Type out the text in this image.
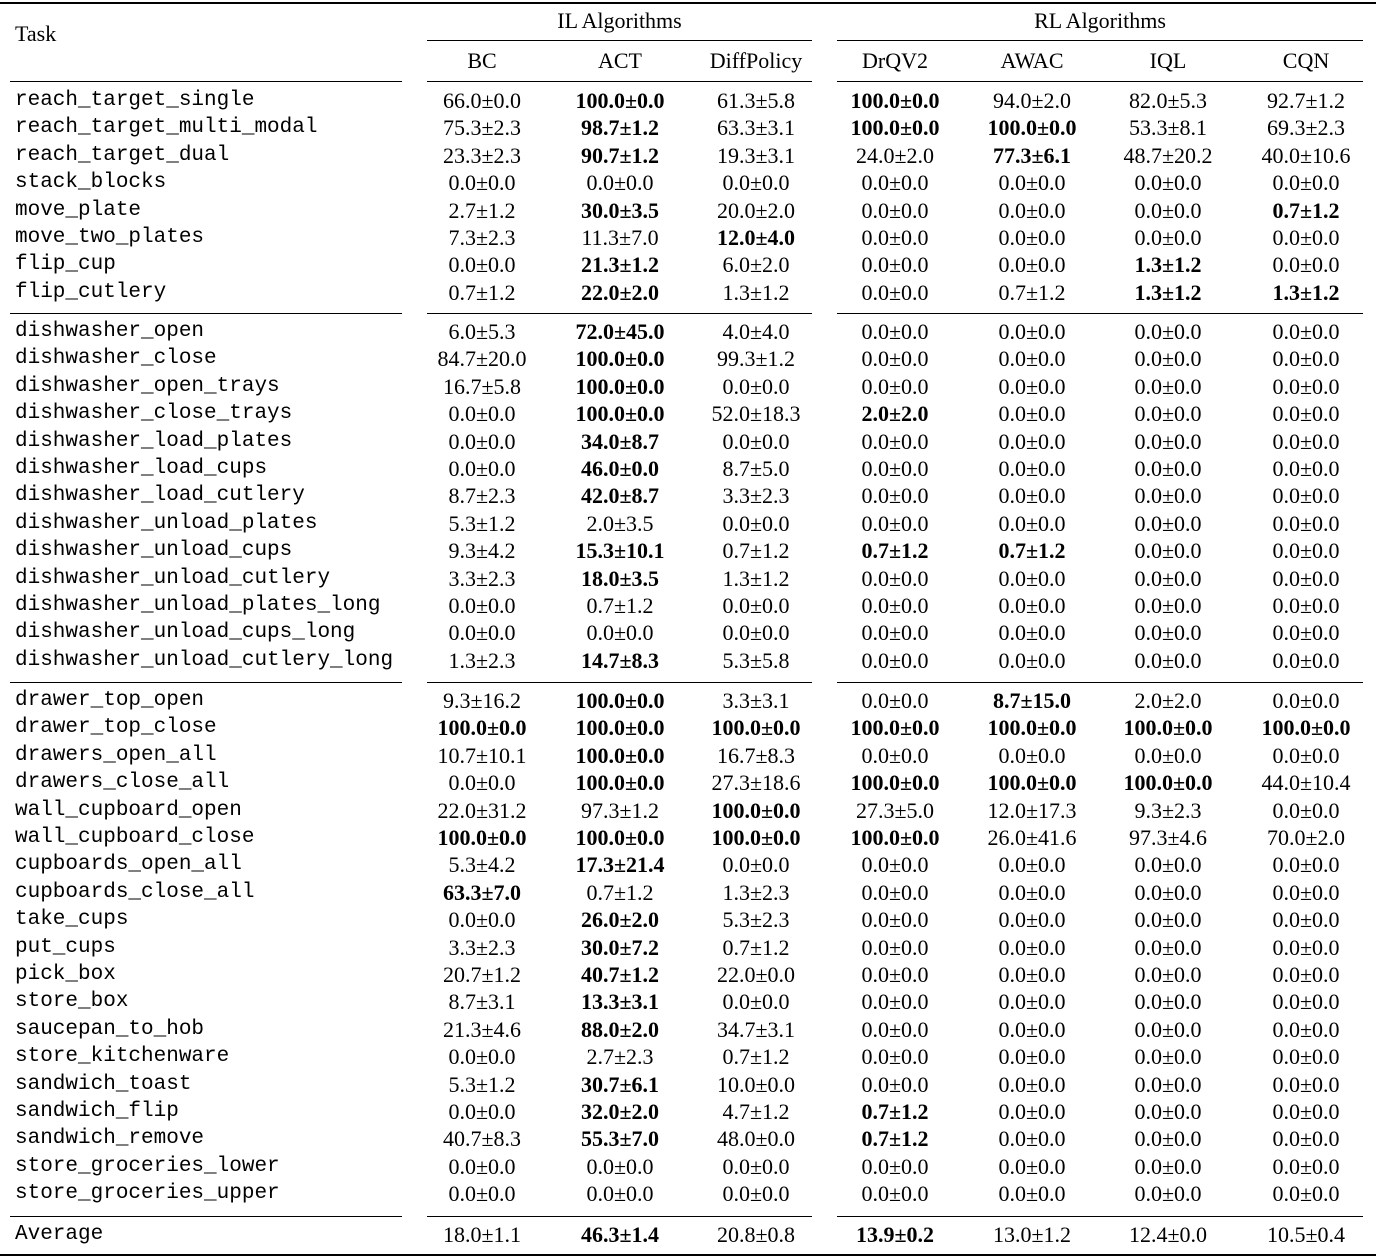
Task
IL Algorithms	RL Algorithms
BC	ACT	DiffPolicy	DrQV2	AWAC	IQL	CQN
reach_target_single	66.0±0.0	100.0±0.0	61.3±5.8	100.0±0.0	94.0±2.0	82.0±5.3	92.7±1.2
reach_target_multi_modal	75.3±2.3	98.7±1.2	63.3±3.1	100.0±0.0	100.0±0.0	53.3±8.1	69.3±2.3
reach_target_dual	23.3±2.3	90.7±1.2	19.3±3.1	24.0±2.0	77.3±6.1	48.7±20.2	40.0±10.6
stack_blocks	0.0±0.0	0.0±0.0	0.0±0.0	0.0±0.0	0.0±0.0	0.0±0.0	0.0±0.0
move_plate	2.7±1.2	30.0±3.5	20.0±2.0	0.0±0.0	0.0±0.0	0.0±0.0	0.7±1.2
move_two_plates	7.3±2.3	11.3±7.0	12.0±4.0	0.0±0.0	0.0±0.0	0.0±0.0	0.0±0.0
flip_cup	0.0±0.0	21.3±1.2	6.0±2.0	0.0±0.0	0.0±0.0	1.3±1.2	0.0±0.0
flip_cutlery	0.7±1.2	22.0±2.0	1.3±1.2	0.0±0.0	0.7±1.2	1.3±1.2	1.3±1.2
dishwasher_open	6.0±5.3	72.0±45.0	4.0±4.0	0.0±0.0	0.0±0.0	0.0±0.0	0.0±0.0
dishwasher_close	84.7±20.0	100.0±0.0	99.3±1.2	0.0±0.0	0.0±0.0	0.0±0.0	0.0±0.0
dishwasher_open_trays	16.7±5.8	100.0±0.0	0.0±0.0	0.0±0.0	0.0±0.0	0.0±0.0	0.0±0.0
dishwasher_close_trays	0.0±0.0	100.0±0.0	52.0±18.3	2.0±2.0	0.0±0.0	0.0±0.0	0.0±0.0
dishwasher_load_plates	0.0±0.0	34.0±8.7	0.0±0.0	0.0±0.0	0.0±0.0	0.0±0.0	0.0±0.0
dishwasher_load_cups	0.0±0.0	46.0±0.0	8.7±5.0	0.0±0.0	0.0±0.0	0.0±0.0	0.0±0.0
dishwasher_load_cutlery	8.7±2.3	42.0±8.7	3.3±2.3	0.0±0.0	0.0±0.0	0.0±0.0	0.0±0.0
dishwasher_unload_plates	5.3±1.2	2.0±3.5	0.0±0.0	0.0±0.0	0.0±0.0	0.0±0.0	0.0±0.0
dishwasher_unload_cups	9.3±4.2	15.3±10.1	0.7±1.2	0.7±1.2	0.7±1.2	0.0±0.0	0.0±0.0
dishwasher_unload_cutlery	3.3±2.3	18.0±3.5	1.3±1.2	0.0±0.0	0.0±0.0	0.0±0.0	0.0±0.0
dishwasher_unload_plates_long	0.0±0.0	0.7±1.2	0.0±0.0	0.0±0.0	0.0±0.0	0.0±0.0	0.0±0.0
dishwasher_unload_cups_long	0.0±0.0	0.0±0.0	0.0±0.0	0.0±0.0	0.0±0.0	0.0±0.0	0.0±0.0
dishwasher_unload_cutlery_long	1.3±2.3	14.7±8.3	5.3±5.8	0.0±0.0	0.0±0.0	0.0±0.0	0.0±0.0
drawer_top_open	9.3±16.2	100.0±0.0	3.3±3.1	0.0±0.0	8.7±15.0	2.0±2.0	0.0±0.0
drawer_top_close	100.0±0.0	100.0±0.0	100.0±0.0	100.0±0.0	100.0±0.0	100.0±0.0	100.0±0.0
drawers_open_all	10.7±10.1	100.0±0.0	16.7±8.3	0.0±0.0	0.0±0.0	0.0±0.0	0.0±0.0
drawers_close_all	0.0±0.0	100.0±0.0	27.3±18.6	100.0±0.0	100.0±0.0	100.0±0.0	44.0±10.4
wall_cupboard_open	22.0±31.2	97.3±1.2	100.0±0.0	27.3±5.0	12.0±17.3	9.3±2.3	0.0±0.0
wall_cupboard_close	100.0±0.0	100.0±0.0	100.0±0.0	100.0±0.0	26.0±41.6	97.3±4.6	70.0±2.0
cupboards_open_all	5.3±4.2	17.3±21.4	0.0±0.0	0.0±0.0	0.0±0.0	0.0±0.0	0.0±0.0
cupboards_close_all	63.3±7.0	0.7±1.2	1.3±2.3	0.0±0.0	0.0±0.0	0.0±0.0	0.0±0.0
take_cups	0.0±0.0	26.0±2.0	5.3±2.3	0.0±0.0	0.0±0.0	0.0±0.0	0.0±0.0
put_cups	3.3±2.3	30.0±7.2	0.7±1.2	0.0±0.0	0.0±0.0	0.0±0.0	0.0±0.0
pick_box	20.7±1.2	40.7±1.2	22.0±0.0	0.0±0.0	0.0±0.0	0.0±0.0	0.0±0.0
store_box	8.7±3.1	13.3±3.1	0.0±0.0	0.0±0.0	0.0±0.0	0.0±0.0	0.0±0.0
saucepan_to_hob	21.3±4.6	88.0±2.0	34.7±3.1	0.0±0.0	0.0±0.0	0.0±0.0	0.0±0.0
store_kitchenware	0.0±0.0	2.7±2.3	0.7±1.2	0.0±0.0	0.0±0.0	0.0±0.0	0.0±0.0
sandwich_toast	5.3±1.2	30.7±6.1	10.0±0.0	0.0±0.0	0.0±0.0	0.0±0.0	0.0±0.0
sandwich_flip	0.0±0.0	32.0±2.0	4.7±1.2	0.7±1.2	0.0±0.0	0.0±0.0	0.0±0.0
sandwich_remove	40.7±8.3	55.3±7.0	48.0±0.0	0.7±1.2	0.0±0.0	0.0±0.0	0.0±0.0
store_groceries_lower	0.0±0.0	0.0±0.0	0.0±0.0	0.0±0.0	0.0±0.0	0.0±0.0	0.0±0.0
store_groceries_upper	0.0±0.0	0.0±0.0	0.0±0.0	0.0±0.0	0.0±0.0	0.0±0.0	0.0±0.0
Average	18.0±1.1	46.3±1.4	20.8±0.8	13.9±0.2	13.0±1.2	12.4±0.0	10.5±0.4
